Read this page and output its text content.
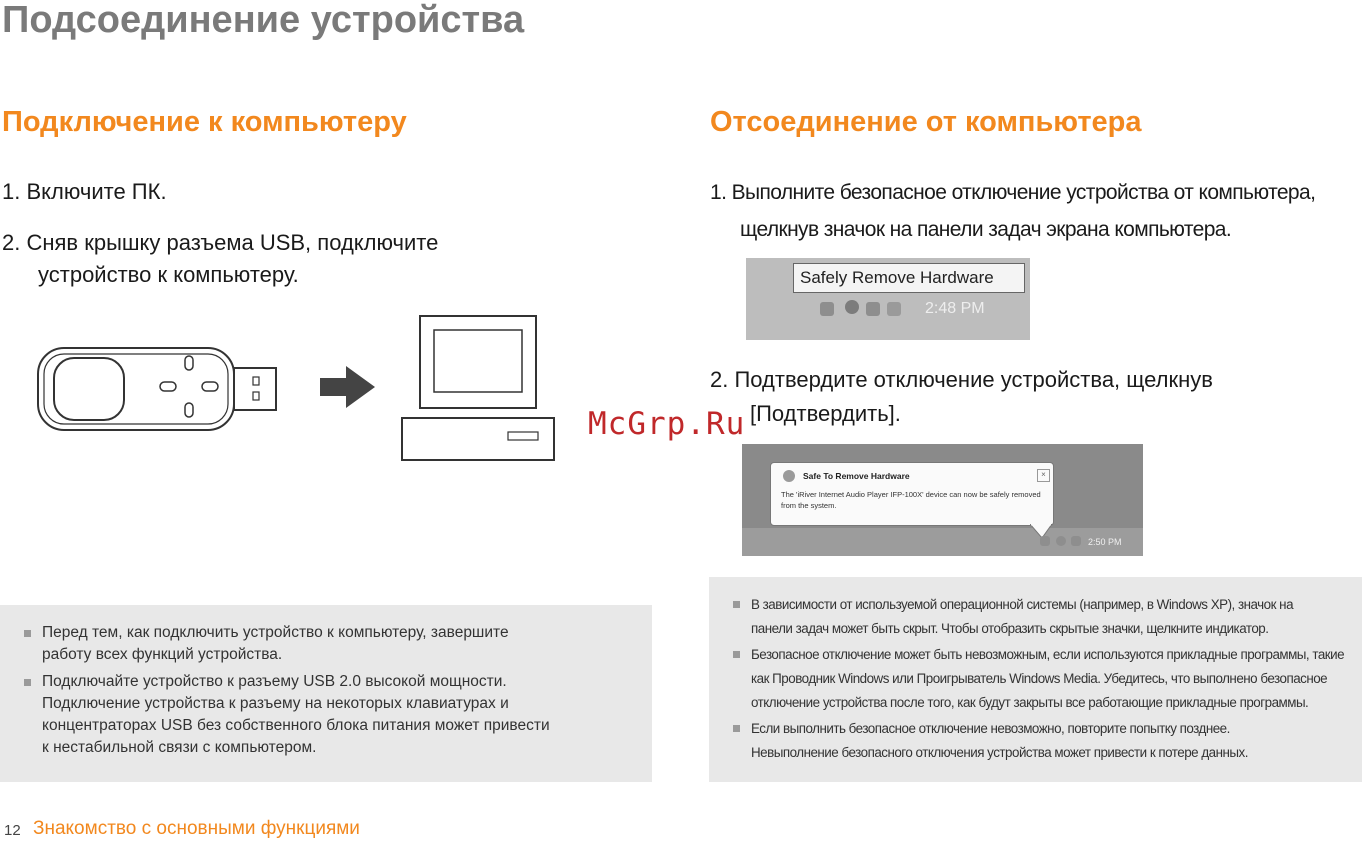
Подсоединение устройства
Подключение к компьютеру
1. Включите ПК.
2. Сняв крышку разъема USB, подключите
устройство к компьютеру.
Перед тем, как подключить устройство к компьютеру, завершите
работу всех функций устройства.
Подключайте устройство к разъему USB 2.0 высокой мощности.
Подключение устройства к разъему на некоторых клавиатурах и
концентраторах USB без собственного блока питания может привести
к нестабильной связи с компьютером.
Отсоединение от компьютера
1. Выполните безопасное отключение устройства от компьютера,
щелкнув значок на панели задач экрана компьютера.
Safely Remove Hardware
2:48 PM
2. Подтвердите отключение устройства, щелкнув
[Подтвердить].
Safe To Remove Hardware	×
The 'iRiver Internet Audio Player IFP-100X' device can now be safely removed from the system.
2:50 PM
В зависимости от используемой операционной системы (например, в Windows XP), значок на
панели задач может быть скрыт. Чтобы отобразить скрытые значки, щелкните индикатор.
Безопасное отключение может быть невозможным, если используются прикладные программы, такие
как Проводник Windows или Проигрыватель Windows Media. Убедитесь, что выполнено безопасное
отключение устройства после того, как будут закрыты все работающие прикладные программы.
Если выполнить безопасное отключение невозможно, повторите попытку позднее.
Невыполнение безопасного отключения устройства может привести к потере данных.
McGrp.Ru
12 Знакомство с основными функциями
